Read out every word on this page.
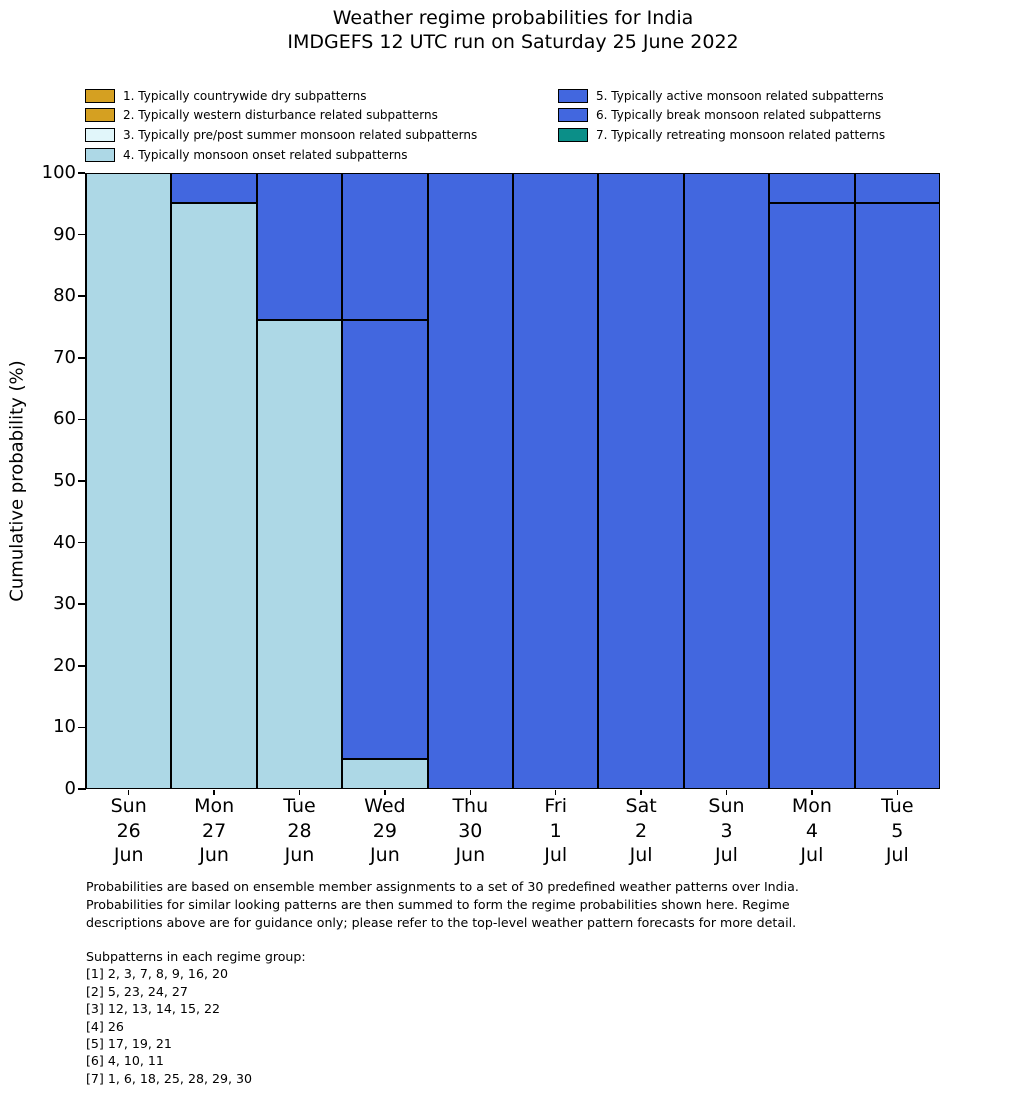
Weather regime probabilities for India
IMDGEFS 12 UTC run on Saturday 25 June 2022
1. Typically countrywide dry subpatterns
2. Typically western disturbance related subpatterns
3. Typically pre/post summer monsoon related subpatterns
4. Typically monsoon onset related subpatterns
5. Typically active monsoon related subpatterns
6. Typically break monsoon related subpatterns
7. Typically retreating monsoon related patterns
Cumulative probability (%)
0
10
20
30
40
50
60
70
80
90
100
Sun
26
Jun
Mon
27
Jun
Tue
28
Jun
Wed
29
Jun
Thu
30
Jun
Fri
1
Jul
Sat
2
Jul
Sun
3
Jul
Mon
4
Jul
Tue
5
Jul
Probabilities are based on ensemble member assignments to a set of 30 predefined weather patterns over India.
Probabilities for similar looking patterns are then summed to form the regime probabilities shown here. Regime
descriptions above are for guidance only; please refer to the top-level weather pattern forecasts for more detail.
Subpatterns in each regime group:
[1] 2, 3, 7, 8, 9, 16, 20
[2] 5, 23, 24, 27
[3] 12, 13, 14, 15, 22
[4] 26
[5] 17, 19, 21
[6] 4, 10, 11
[7] 1, 6, 18, 25, 28, 29, 30
